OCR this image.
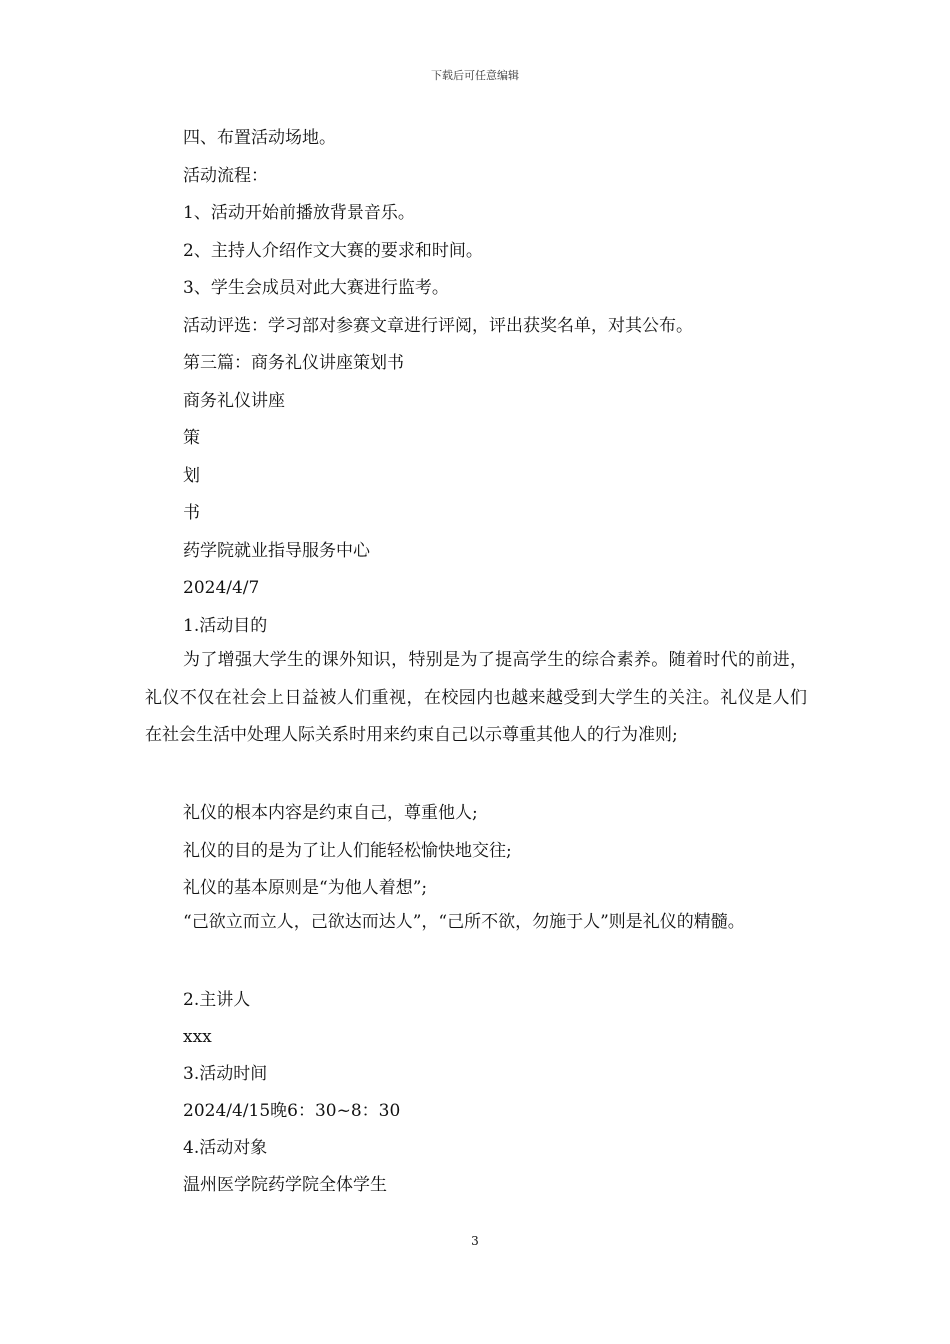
下载后可任意编辑
四、布置活动场地。
活动流程：
1、活动开始前播放背景音乐。
2、主持人介绍作文大赛的要求和时间。
3、学生会成员对此大赛进行监考。
活动评选：学习部对参赛文章进行评阅，评出获奖名单，对其公布。
第三篇：商务礼仪讲座策划书
商务礼仪讲座
策
划
书
药学院就业指导服务中心
2024/4/7
1.活动目的
为了增强大学生的课外知识，特别是为了提高学生的综合素养。随着时代的前进，礼仪不仅在社会上日益被人们重视，在校园内也越来越受到大学生的关注。礼仪是人们在社会生活中处理人际关系时用来约束自己以示尊重其他人的行为准则;
礼仪的根本内容是约束自己，尊重他人;
礼仪的目的是为了让人们能轻松愉快地交往;
礼仪的基本原则是“为他人着想”;
“己欲立而立人，己欲达而达人”，“己所不欲，勿施于人”则是礼仪的精髓。
2.主讲人
xxx
3.活动时间
2024/4/15晚6：30~8：30
4.活动对象
温州医学院药学院全体学生
3
